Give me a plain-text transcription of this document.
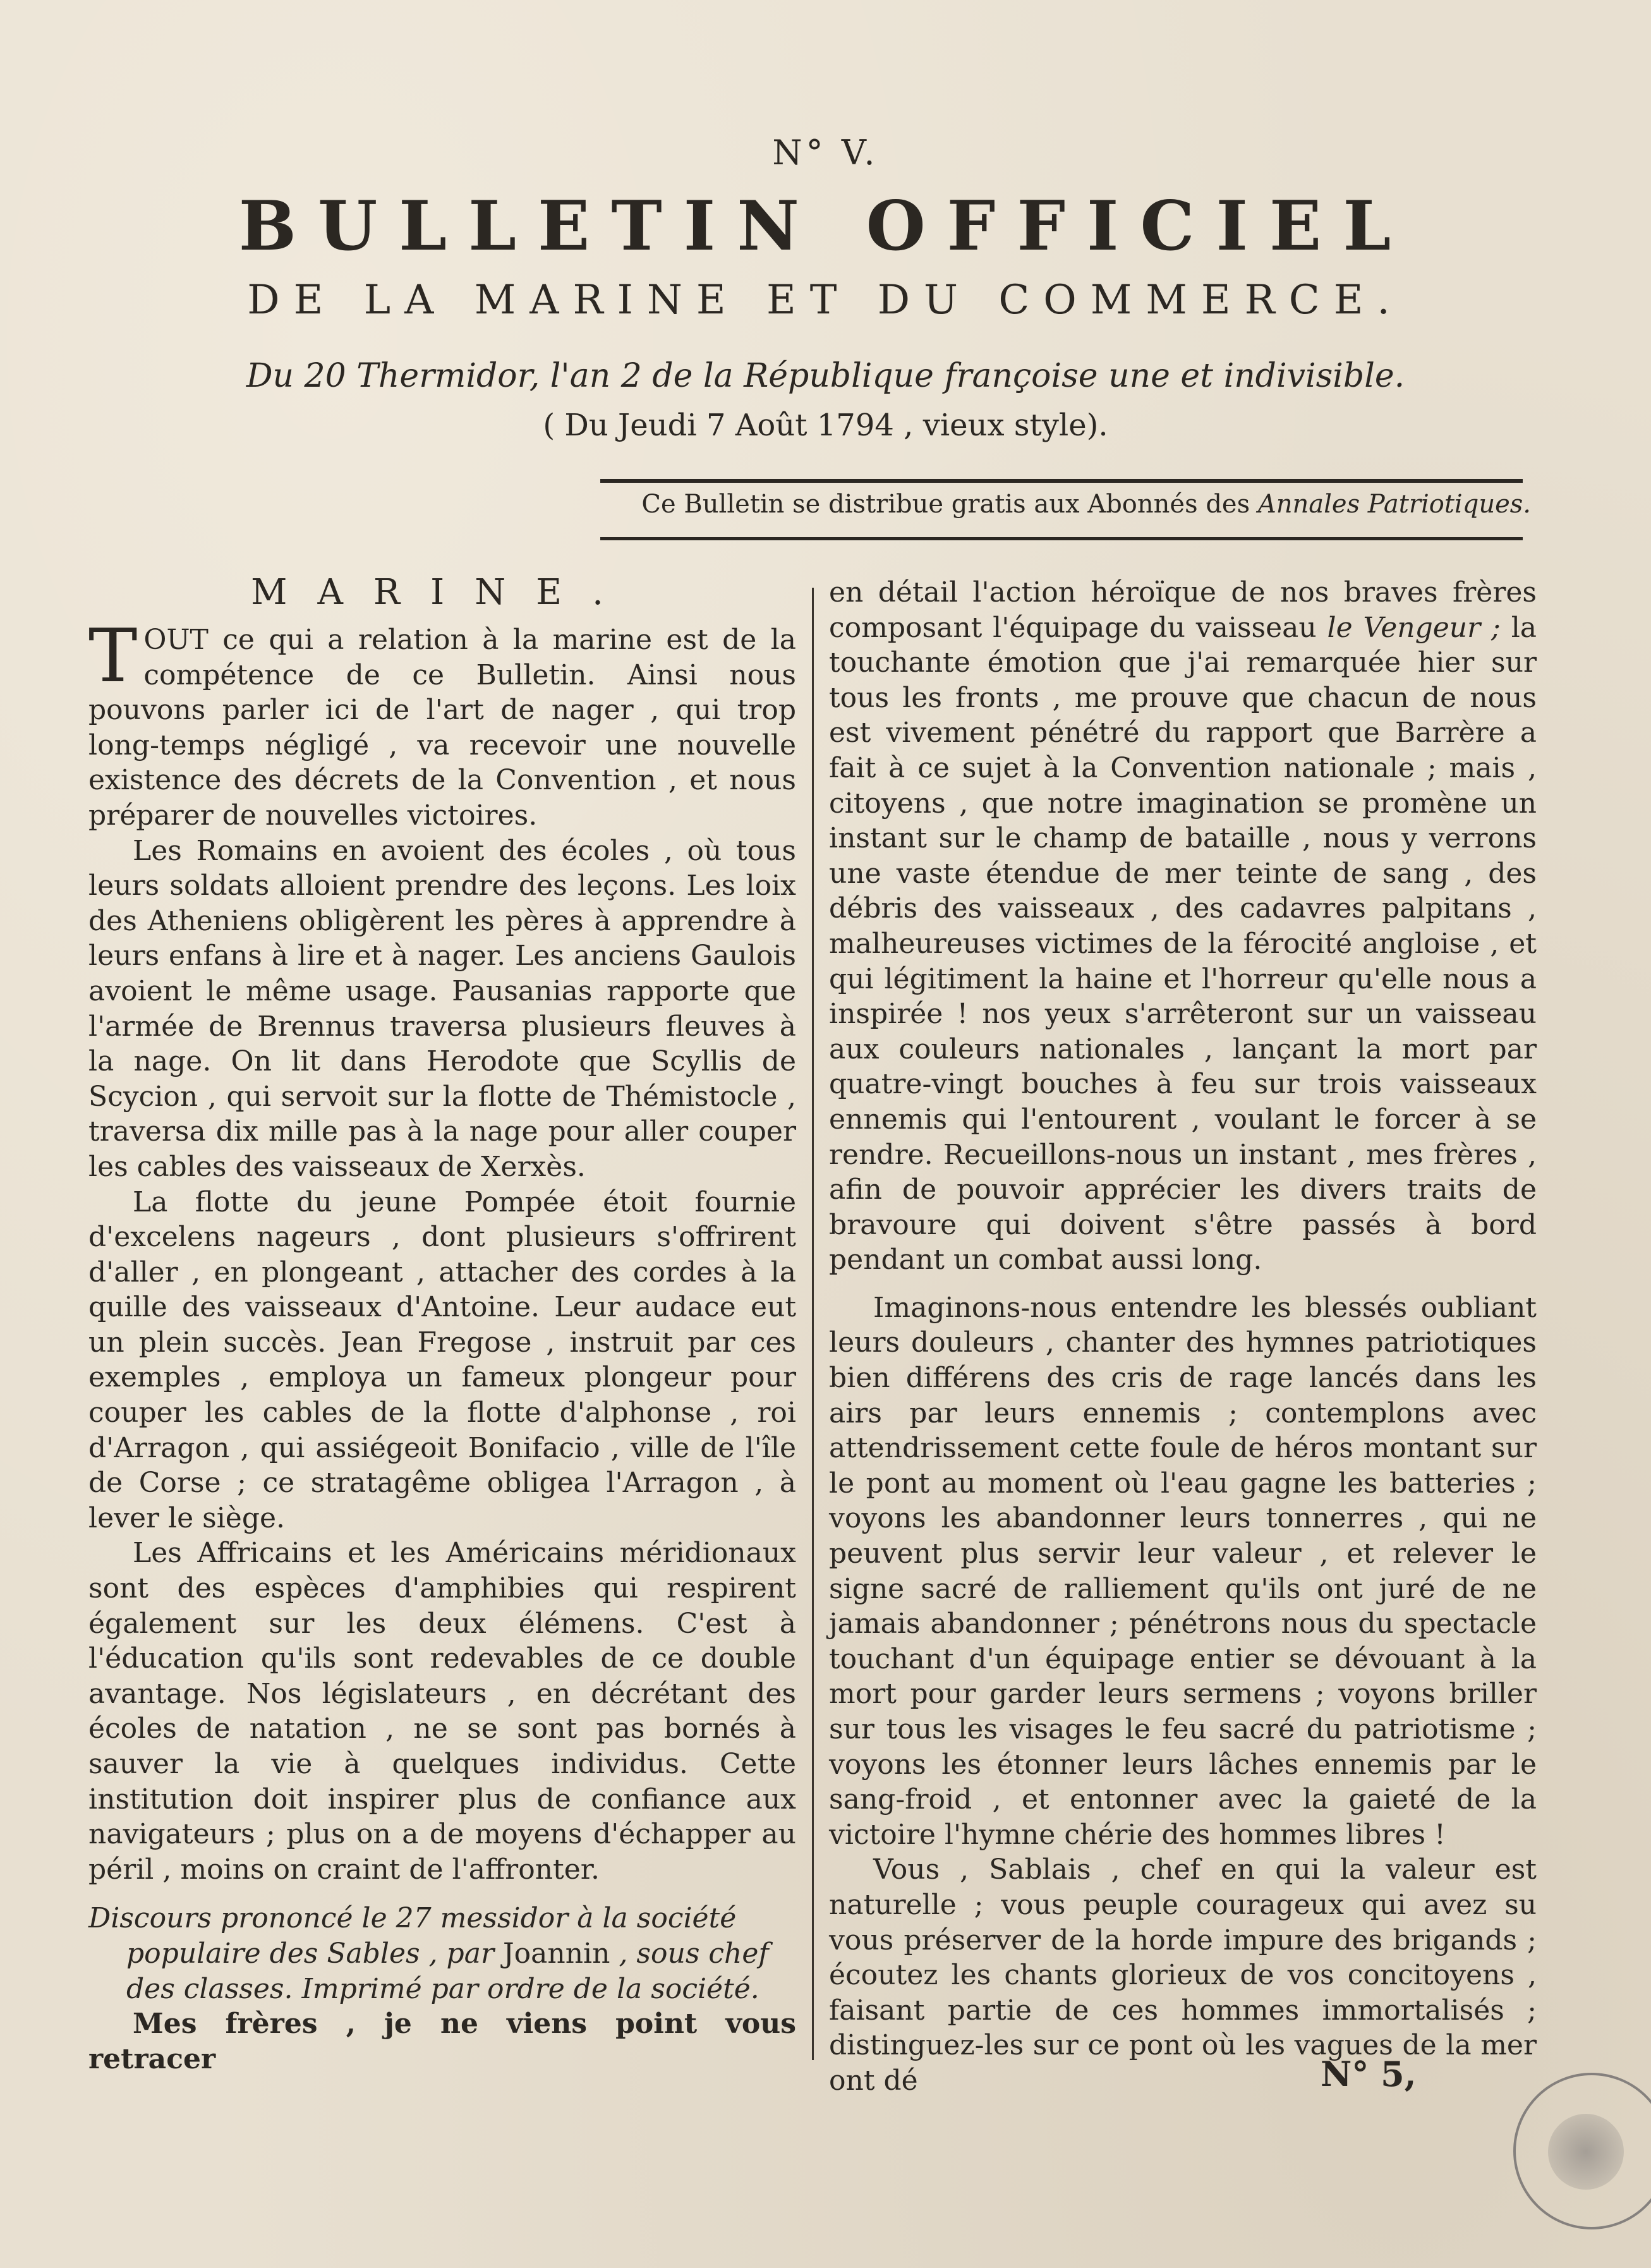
N° V.
BULLETIN OFFICIEL
DE LA MARINE ET DU COMMERCE.
Du 20 Thermidor, l'an 2 de la République françoise une et indivisible.
( Du Jeudi 7 Août 1794 , vieux style).
Ce Bulletin se distribue gratis aux Abonnés des Annales Patriotiques.
MARINE.

TOUT ce qui a relation à la marine est de la compétence de ce Bulletin. Ainsi nous pouvons parler ici de l'art de nager , qui trop long-temps négligé , va recevoir une nouvelle existence des décrets de la Convention , et nous préparer de nouvelles victoires.

Les Romains en avoient des écoles , où tous leurs soldats alloient prendre des leçons. Les loix des Atheniens obligèrent les pères à apprendre à leurs enfans à lire et à nager. Les anciens Gaulois avoient le même usage. Pausanias rapporte que l'armée de Brennus traversa plusieurs fleuves à la nage. On lit dans Herodote que Scyllis de Scycion , qui servoit sur la flotte de Thémistocle , traversa dix mille pas à la nage pour aller couper les cables des vaisseaux de Xerxès.

La flotte du jeune Pompée étoit fournie d'excelens nageurs , dont plusieurs s'offrirent d'aller , en plongeant , attacher des cordes à la quille des vaisseaux d'Antoine. Leur audace eut un plein succès. Jean Fregose , instruit par ces exemples , employa un fameux plongeur pour couper les cables de la flotte d'alphonse , roi d'Arragon , qui assiégeoit Bonifacio , ville de l'île de Corse ; ce stratagême obligea l'Arragon , à lever le siège.

Les Affricains et les Américains méridionaux sont des espèces d'amphibies qui respirent également sur les deux élémens. C'est à l'éducation qu'ils sont redevables de ce double avantage. Nos législateurs , en décrétant des écoles de natation , ne se sont pas bornés à sauver la vie à quelques individus. Cette institution doit inspirer plus de confiance aux navigateurs ; plus on a de moyens d'échapper au péril , moins on craint de l'affronter.

Discours prononcé le 27 messidor à la société populaire des Sables , par Joannin , sous chef des classes. Imprimé par ordre de la société.

Mes frères , je ne viens point vous retracer

en détail l'action héroïque de nos braves frères composant l'équipage du vaisseau le Vengeur ; la touchante émotion que j'ai remarquée hier sur tous les fronts , me prouve que chacun de nous est vivement pénétré du rapport que Barrère a fait à ce sujet à la Convention nationale ; mais , citoyens , que notre imagination se promène un instant sur le champ de bataille , nous y verrons une vaste étendue de mer teinte de sang , des débris des vaisseaux , des cadavres palpitans , malheureuses victimes de la férocité angloise , et qui légitiment la haine et l'horreur qu'elle nous a inspirée ! nos yeux s'arrêteront sur un vaisseau aux couleurs nationales , lançant la mort par quatre-vingt bouches à feu sur trois vaisseaux ennemis qui l'entourent , voulant le forcer à se rendre. Recueillons-nous un instant , mes frères , afin de pouvoir apprécier les divers traits de bravoure qui doivent s'être passés à bord pendant un combat aussi long.

Imaginons-nous entendre les blessés oubliant leurs douleurs , chanter des hymnes patriotiques bien différens des cris de rage lancés dans les airs par leurs ennemis ; contemplons avec attendrissement cette foule de héros montant sur le pont au moment où l'eau gagne les batteries ; voyons les abandonner leurs tonnerres , qui ne peuvent plus servir leur valeur , et relever le signe sacré de ralliement qu'ils ont juré de ne jamais abandonner ; pénétrons nous du spectacle touchant d'un équipage entier se dévouant à la mort pour garder leurs sermens ; voyons briller sur tous les visages le feu sacré du patriotisme ; voyons les étonner leurs lâches ennemis par le sang-froid , et entonner avec la gaieté de la victoire l'hymne chérie des hommes libres !

Vous , Sablais , chef en qui la valeur est naturelle ; vous peuple courageux qui avez su vous préserver de la horde impure des brigands ; écoutez les chants glorieux de vos concitoyens , faisant partie de ces hommes immortalisés ; distinguez-les sur ce pont où les vagues de la mer ont dé	N° 5,
